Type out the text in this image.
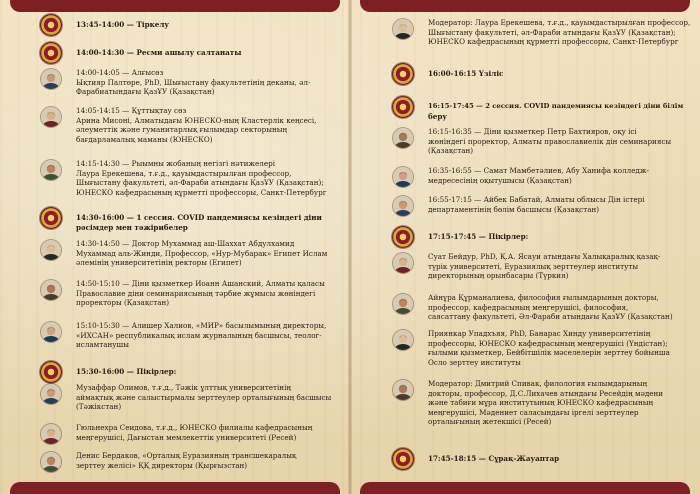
13:45-14:00 — Тіркелу
14:00-14:30 — Ресми ашылу салтанаты
14:00-14:05 — Алғысөз
Ықтияр Палтөре, PhD, Шығыстану факультетінің деканы, әл-
Фарабиатындағы ҚазҰУ (Қазақстан)
14:05-14:15 — Құттықтау сөз
Арина Мисоні, Алматыдағы ЮНЕСКО-ның Кластерлік кеңсесі,
әлеуметтік және гуманитарлық ғылымдар секторының
бағдарламалық маманы (ЮНЕСКО)
14:15-14:30 — Рыымны жобаның негізгі нәтижелері
Лаура Ерекешева, т.ғ.д., қауымдастырылған профессор,
Шығыстану факультеті, әл-Фараби атындағы ҚазҰУ (Қазақстан);
ЮНЕСКО кафедрасының құрметті профессоры, Санкт-Петербург
14:30-16:00 — 1 сессия. COVID пандемиясы кезіндегі діни
рәсімдер мен тәжірибелер
14:30-14:50 — Доктор Мухаммад аш-Шаххат Абдулхамид
Мухаммад аль-Жинди, Профессор, «Нур-Мубарак» Египет Ислам
әлемінің университетінің ректоры (Египет)
14:50-15:10 — Діни қызметкер Иоанн Ашанский, Алматы қаласы
Православие діни семинариясының тәрбие жұмысы жөніндегі
проректоры (Қазақстан)
15:10-15:30 — Алишер Халиов, «МИР» басылымының директоры,
«ИХСАН» республикалық ислам журналының басшысы, теолог-
исламтанушы
15:30-16:00 — Пікірлер:
Музаффар Олимов, т.ғ.д., Тәжік ұлттық университетінің
аймақтық және салыстырмалы зерттеулер орталығының басшысы
(Тәжікстан)
Гюльнехра Сеидова, т.ғ.д., ЮНЕСКО филиалы кафедрасының
меңгерушісі, Дағыстан мемлекеттік университеті (Ресей)
Денис Бердаков, «Орталық Еуразияның трансшекаралық
зерттеу желісі» ҚҚ директоры (Қырғызстан)
Модератор: Лаура Ерекешева, т.ғ.д., қауымдастырылған профессор,
Шығыстану факультеті, әл-Фараби атындағы ҚазҰУ (Қазақстан);
ЮНЕСКО кафедрасының құрметті профессоры, Санкт-Петербург
16:00-16:15 Үзіліс
16:15-17:45 — 2 сессия. COVID пандемиясы кезіндегі діни білім
беру
16:15-16:35 — Діни қызметкер Петр Бахтияров, оқу ісі
жөніндегі проректор, Алматы православиелік дін семинариясы
(Қазақстан)
16:35-16:55 — Самат Мамбетәлиев, Абу Ханифа колледж-
медресесінің оқытушысы (Қазақстан)
16:55-17:15 — Айбек Бабатай, Алматы облысы Дін істері
департаментінің бөлім басшысы (Қазақстан)
17:15-17:45 — Пікірлер:
Суат Бейдур, PhD, Қ.А. Ясауи атындағы Халықаралық қазақ-
түрік университеті, Еуразиялық зерттеулер институты
директорының орынбасары (Түркия)
Айнұра Құрманалиева, философия ғылымдарының докторы,
профессор, кафедрасының меңгерушісі, философия,
саясаттану факультеті, Әл-Фараби атындағы ҚазҰУ (Қазақстан)
Приянкар Упадхъяя, PhD, Банарас Хинду университетінің
профессоры, ЮНЕСКО кафедрасының меңгерушісі (Үндістан);
ғылыми қызметкер, Бейбітшілік мәселелерін зерттеу бойынша
Осло зерттеу институты
Модератор: Дмитрий Спивак, филология ғылымдарының
докторы, профессор, Д.С.Лихачев атындағы Ресейдің мәдени
және табиғи мұра институтының ЮНЕСКО кафедрасының
меңгерушісі, Мәдениет саласындағы іргелі зерттеулер
орталығының жетекшісі (Ресей)
17:45-18:15 — Сұрақ-Жауаптар
